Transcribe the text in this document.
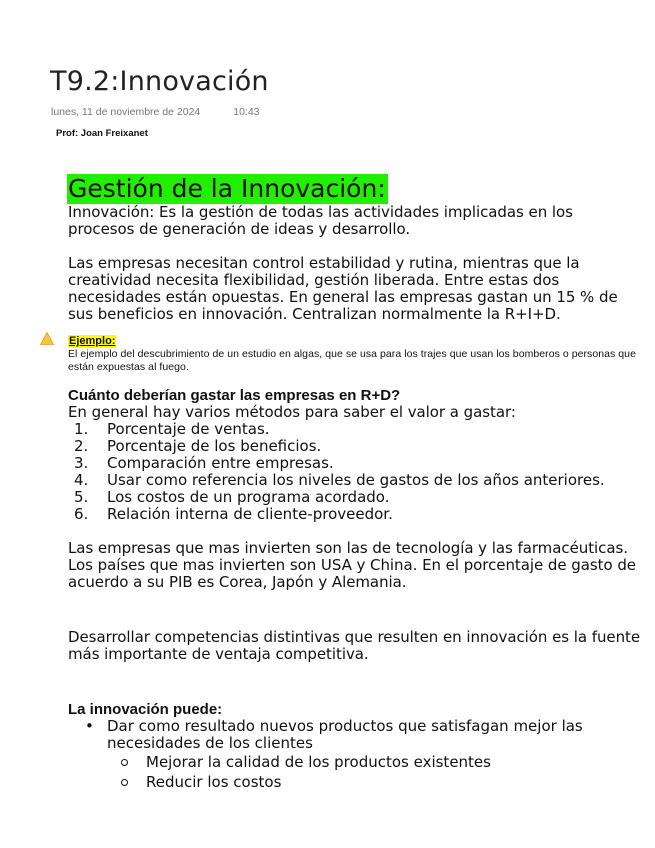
T9.2:Innovación
lunes, 11 de noviembre de 2024	10:43
Prof: Joan Freixanet
Gestión de la Innovación:

Innovación: Es la gestión de todas las actividades implicadas en los procesos de generación de ideas y desarrollo.

Las empresas necesitan control estabilidad y rutina, mientras que la creatividad necesita flexibilidad, gestión liberada. Entre estas dos necesidades están opuestas. En general las empresas gastan un 15 % de sus beneficios en innovación. Centralizan normalmente la R+I+D.

Ejemplo:
El ejemplo del descubrimiento de un estudio en algas, que se usa para los trajes que usan los bomberos o personas que están expuestas al fuego.
Cuánto deberían gastar las empresas en R+D?

En general hay varios métodos para saber el valor a gastar:

1. Porcentaje de ventas.
2. Porcentaje de los beneficios.
3. Comparación entre empresas.
4. Usar como referencia los niveles de gastos de los años anteriores.
5. Los costos de un programa acordado.
6. Relación interna de cliente-proveedor.

Las empresas que mas invierten son las de tecnología y las farmacéuticas. Los países que mas invierten son USA y China. En el porcentaje de gasto de acuerdo a su PIB es Corea, Japón y Alemania.

Desarrollar competencias distintivas que resulten en innovación es la fuente más importante de ventaja competitiva.

La innovación puede:
• Dar como resultado nuevos productos que satisfagan mejor las necesidades de los clientes
Mejorar la calidad de los productos existentes
Reducir los costos
